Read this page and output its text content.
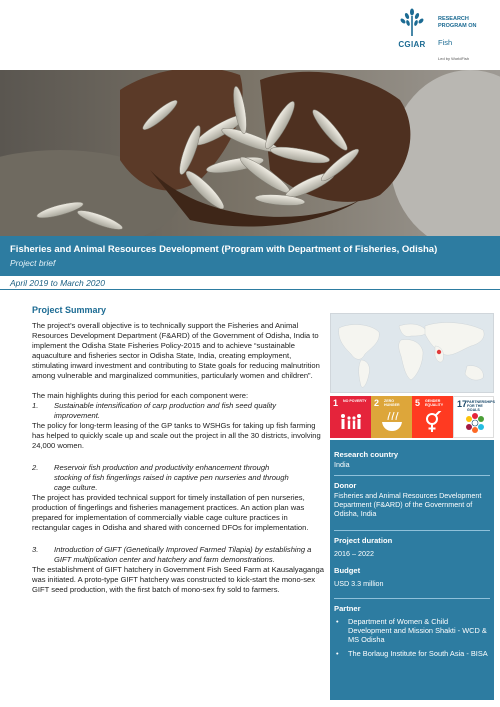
CGIAR
RESEARCH
PROGRAM ON
Fish
Led by WorldFish
Fisheries and Animal Resources Development (Program with Department of Fisheries, Odisha)
Project brief
April 2019 to March 2020
Project Summary

The project’s overall objective is to technically support the Fisheries and Animal Resources Development Department (F&ARD) of the Government of Odisha, India to implement the Odisha State Fisheries Policy-2015 and to achieve “sustainable aquaculture and fisheries sector in Odisha State, India, creating employment, stimulating inward investment and contributing to State goals for reducing malnutrition among vulnerable and marginalized communities, particularly women and children”.

The main highlights during this period for each component were:

1.	Sustainable intensification of carp production and fish seed quality improvement.

The policy for long-term leasing of the GP tanks to WSHGs for taking up fish farming has helped to quickly scale up and scale out the project in all the 30 districts, involving 24,000 women.

2.	Reservoir fish production and productivity enhancement through stocking of fish fingerlings raised in captive pen nurseries and through cage culture.

The project has provided technical support for timely installation of pen nurseries, production of fingerlings and fisheries management practices. An action plan was prepared for implementation of commercially viable cage culture practices in rectangular cages in Odisha and shared with concerned DFOs for implementation.

3.	Introduction of GIFT (Genetically Improved Farmed Tilapia) by establishing a GIFT multiplication center and hatchery and farm demonstrations.

The establishment of GIFT hatchery in Government Fish Seed Farm at Kausalyaganga was initiated. A proto-type GIFT hatchery was constructed to kick-start the mono-sex GIFT seed production, with the first batch of mono-sex fry sold to farmers.

1 NO POVERTY 2 ZERO HUNGER	5 GENDER EQUALITY	17 PARTNERSHIPS FOR THE GOALS
Research country
India
Donor
Fisheries and Animal Resources Development Department (F&ARD) of the Government of Odisha, India
Project duration
2016 – 2022
Budget
USD 3.3 million
Partner
• Department of Women & Child Development and Mission Shakti - WCD & MS Odisha
• The Borlaug Institute for South Asia - BISA
